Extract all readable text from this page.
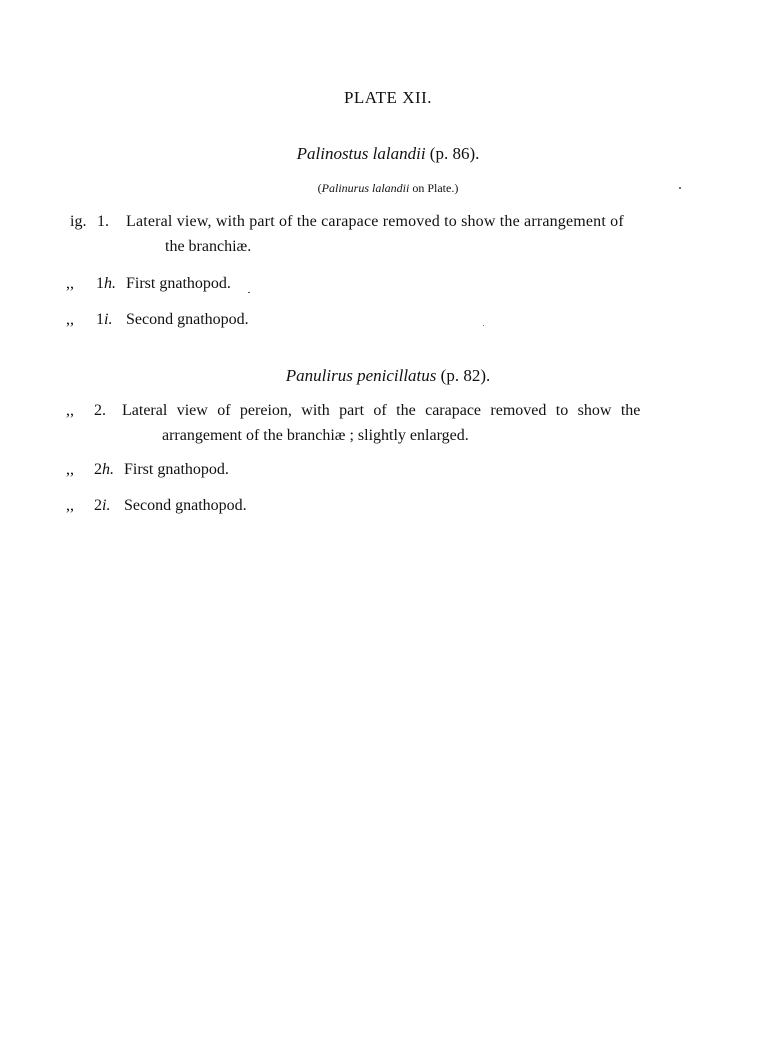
PLATE XII.
Palinostus lalandii (p. 86).
(Palinurus lalandii on Plate.)
ig. 1. Lateral view, with part of the carapace removed to show the arrangement of
the branchiæ.
,, 1h. First gnathopod.
,, 1i. Second gnathopod.
Panulirus penicillatus (p. 82).
,, 2. Lateral view of pereion, with part of the carapace removed to show the
arrangement of the branchiæ ; slightly enlarged.
,, 2h. First gnathopod.
,, 2i. Second gnathopod.
